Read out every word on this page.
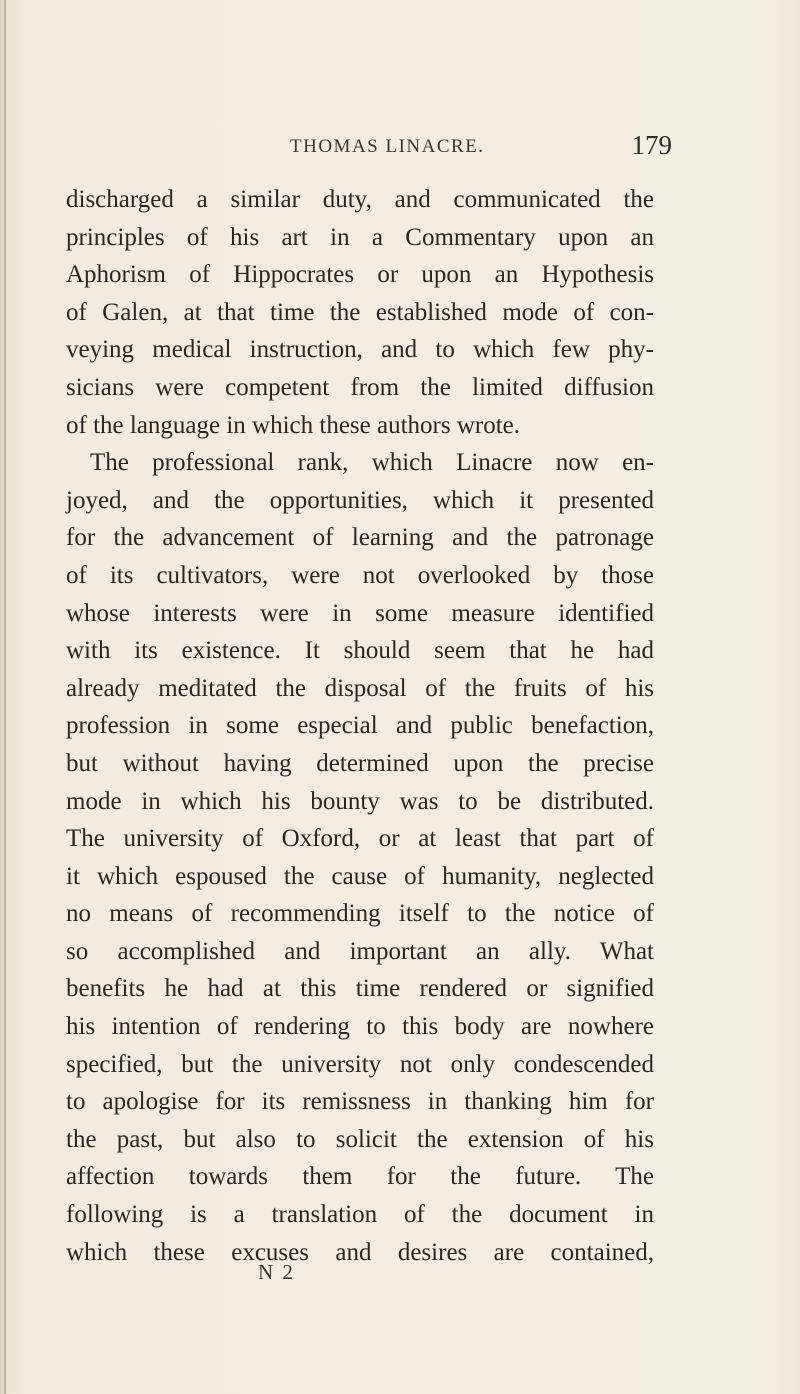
THOMAS LINACRE.	179
discharged a similar duty, and communicated the
principles of his art in a Commentary upon an
Aphorism of Hippocrates or upon an Hypothesis
of Galen, at that time the established mode of con-
veying medical instruction, and to which few phy-
sicians were competent from the limited diffusion
of the language in which these authors wrote.
The professional rank, which Linacre now en-
joyed, and the opportunities, which it presented
for the advancement of learning and the patronage
of its cultivators, were not overlooked by those
whose interests were in some measure identified
with its existence. It should seem that he had
already meditated the disposal of the fruits of his
profession in some especial and public benefaction,
but without having determined upon the precise
mode in which his bounty was to be distributed.
The university of Oxford, or at least that part of
it which espoused the cause of humanity, neglected
no means of recommending itself to the notice of
so accomplished and important an ally. What
benefits he had at this time rendered or signified
his intention of rendering to this body are nowhere
specified, but the university not only condescended
to apologise for its remissness in thanking him for
the past, but also to solicit the extension of his
affection towards them for the future. The
following is a translation of the document in
which these excuses and desires are contained,
N 2
